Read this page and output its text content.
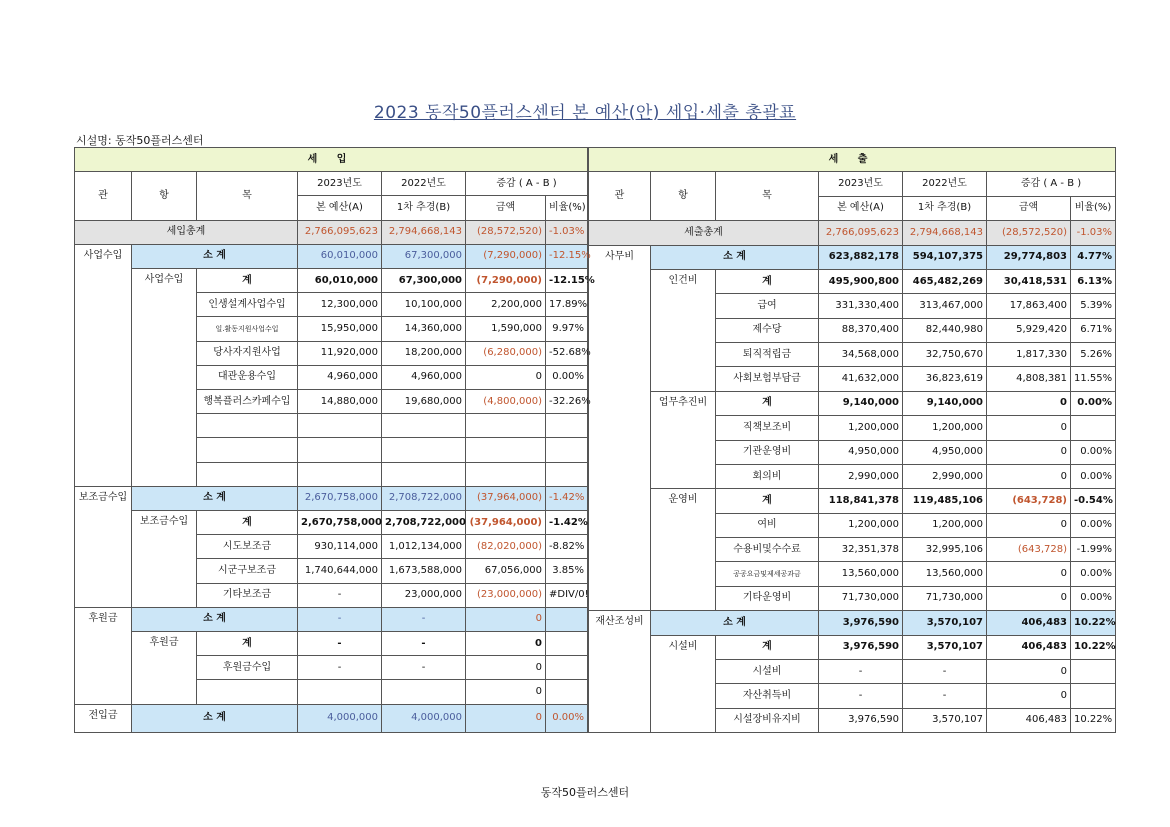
2023 동작50플러스센터 본 예산(안) 세입·세출 총괄표
시설명: 동작50플러스센터
세 입						
관	항	목	2023년도	2022년도	증감 ( A - B )	
			본 예산(A)	1차 추경(B)	금액	비율(%)
세입총계			2,766,095,623	2,794,668,143	(28,572,520)	-1.03%
사업수입	소 계		60,010,000	67,300,000	(7,290,000)	-12.15%
	사업수입	계	60,010,000	67,300,000	(7,290,000)	-12.15%
		인생설계사업수입	12,300,000	10,100,000	2,200,000	17.89%
		일.활동지원사업수입	15,950,000	14,360,000	1,590,000	9.97%
		당사자지원사업	11,920,000	18,200,000	(6,280,000)	-52.68%
		대관운용수입	4,960,000	4,960,000	0	0.00%
		행복플러스카페수입	14,880,000	19,680,000	(4,800,000)	-32.26%

보조금수입	소 계		2,670,758,000	2,708,722,000	(37,964,000)	-1.42%
	보조금수입	계	2,670,758,000	2,708,722,000	(37,964,000)	-1.42%
		시도보조금	930,114,000	1,012,134,000	(82,020,000)	-8.82%
		시군구보조금	1,740,644,000	1,673,588,000	67,056,000	3.85%
		기타보조금	-	23,000,000	(23,000,000)	#DIV/0!
후원금	소 계		-	-	0	
	후원금	계	-	-	0	
		후원금수입	-	-	0	
					0	
전입금	소 계		4,000,000	4,000,000	0	0.00%
세 출						
관	항	목	2023년도	2022년도	증감 ( A - B )	
			본 예산(A)	1차 추경(B)	금액	비율(%)
세출총계			2,766,095,623	2,794,668,143	(28,572,520)	-1.03%
사무비	소 계		623,882,178	594,107,375	29,774,803	4.77%
	인건비	계	495,900,800	465,482,269	30,418,531	6.13%
		급여	331,330,400	313,467,000	17,863,400	5.39%
		제수당	88,370,400	82,440,980	5,929,420	6.71%
		퇴직적립금	34,568,000	32,750,670	1,817,330	5.26%
		사회보험부담금	41,632,000	36,823,619	4,808,381	11.55%
	업무추진비	계	9,140,000	9,140,000	0	0.00%
		직책보조비	1,200,000	1,200,000	0	
		기관운영비	4,950,000	4,950,000	0	0.00%
		회의비	2,990,000	2,990,000	0	0.00%
	운영비	계	118,841,378	119,485,106	(643,728)	-0.54%
		여비	1,200,000	1,200,000	0	0.00%
		수용비및수수료	32,351,378	32,995,106	(643,728)	-1.99%
		공공요금및제세공과금	13,560,000	13,560,000	0	0.00%
		기타운영비	71,730,000	71,730,000	0	0.00%
재산조성비	소 계		3,976,590	3,570,107	406,483	10.22%
	시설비	계	3,976,590	3,570,107	406,483	10.22%
		시설비	-	-	0	
		자산취득비	-	-	0	
		시설장비유지비	3,976,590	3,570,107	406,483	10.22%
동작50플러스센터
